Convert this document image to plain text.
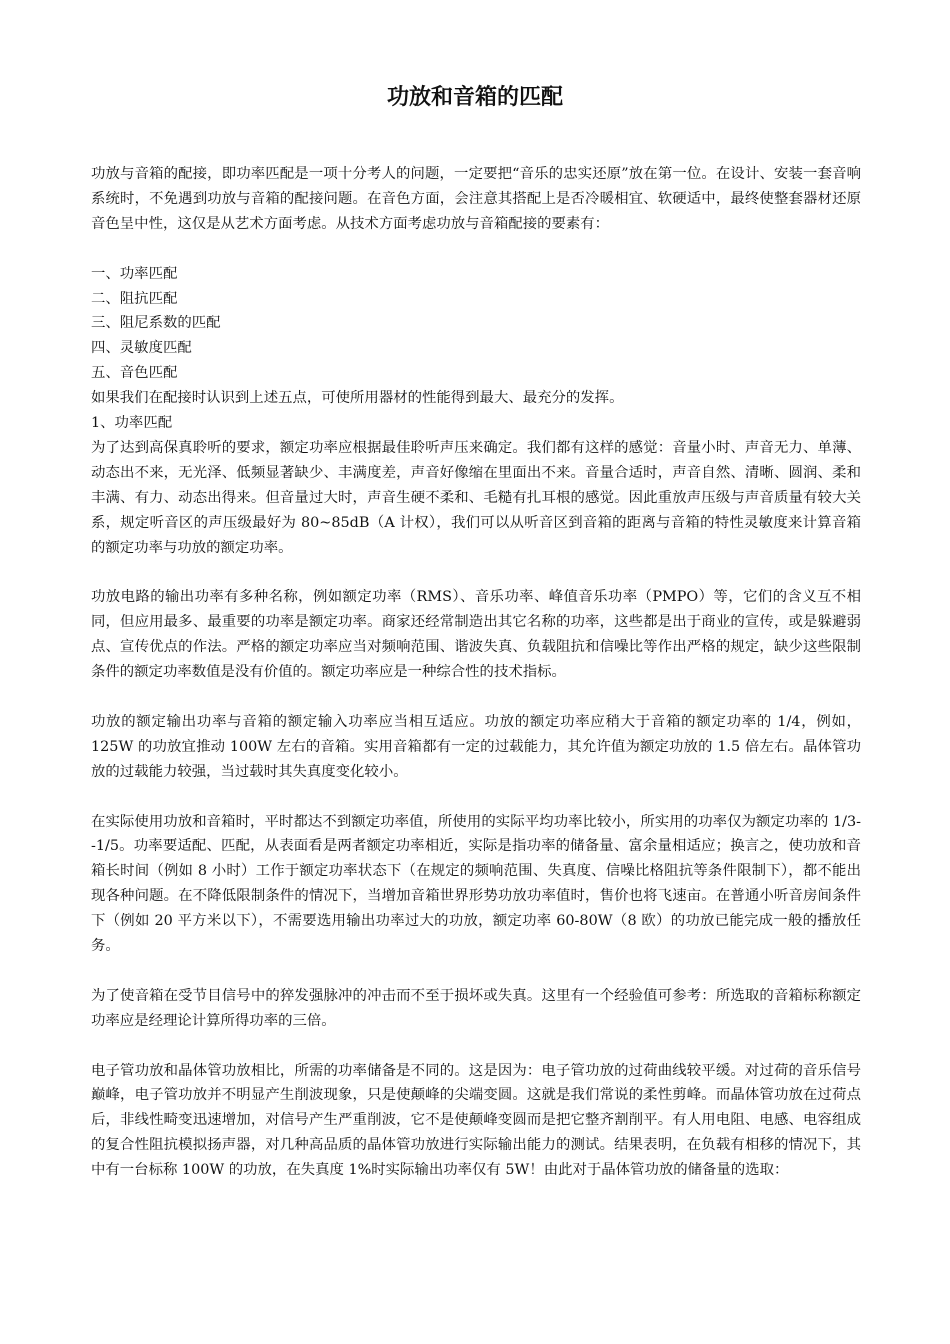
功放和音箱的匹配

功放与音箱的配接，即功率匹配是一项十分考人的问题，一定要把“音乐的忠实还原”放在第一位。在设计、安装一套音响系统时，不免遇到功放与音箱的配接问题。在音色方面，会注意其搭配上是否冷暖相宜、软硬适中，最终使整套器材还原音色呈中性，这仅是从艺术方面考虑。从技术方面考虑功放与音箱配接的要素有：

一、功率匹配

二、阻抗匹配

三、阻尼系数的匹配

四、灵敏度匹配

五、音色匹配

如果我们在配接时认识到上述五点，可使所用器材的性能得到最大、最充分的发挥。

1、功率匹配

为了达到高保真聆听的要求，额定功率应根据最佳聆听声压来确定。我们都有这样的感觉：音量小时、声音无力、单薄、动态出不来，无光泽、低频显著缺少、丰满度差，声音好像缩在里面出不来。音量合适时，声音自然、清晰、圆润、柔和丰满、有力、动态出得来。但音量过大时，声音生硬不柔和、毛糙有扎耳根的感觉。因此重放声压级与声音质量有较大关系，规定听音区的声压级最好为 80~85dB（A 计权），我们可以从听音区到音箱的距离与音箱的特性灵敏度来计算音箱的额定功率与功放的额定功率。

功放电路的输出功率有多种名称，例如额定功率（RMS）、音乐功率、峰值音乐功率（PMPO）等，它们的含义互不相同，但应用最多、最重要的功率是额定功率。商家还经常制造出其它名称的功率，这些都是出于商业的宣传，或是躲避弱点、宣传优点的作法。严格的额定功率应当对频响范围、谐波失真、负载阻抗和信噪比等作出严格的规定，缺少这些限制条件的额定功率数值是没有价值的。额定功率应是一种综合性的技术指标。

功放的额定输出功率与音箱的额定输入功率应当相互适应。功放的额定功率应稍大于音箱的额定功率的 1/4，例如，125W 的功放宜推动 100W 左右的音箱。实用音箱都有一定的过载能力，其允许值为额定功放的 1.5 倍左右。晶体管功放的过载能力较强，当过载时其失真度变化较小。

在实际使用功放和音箱时，平时都达不到额定功率值，所使用的实际平均功率比较小，所实用的功率仅为额定功率的 1/3--1/5。功率要适配、匹配，从表面看是两者额定功率相近，实际是指功率的储备量、富余量相适应；换言之，使功放和音箱长时间（例如 8 小时）工作于额定功率状态下（在规定的频响范围、失真度、信噪比格阻抗等条件限制下），都不能出现各种问题。在不降低限制条件的情况下，当增加音箱世界形势功放功率值时，售价也将飞速亩。在普通小听音房间条件下（例如 20 平方米以下），不需要选用输出功率过大的功放，额定功率 60-80W（8 欧）的功放已能完成一般的播放任务。

为了使音箱在受节目信号中的猝发强脉冲的冲击而不至于损坏或失真。这里有一个经验值可参考：所选取的音箱标称额定功率应是经理论计算所得功率的三倍。

电子管功放和晶体管功放相比，所需的功率储备是不同的。这是因为：电子管功放的过荷曲线较平缓。对过荷的音乐信号巅峰，电子管功放并不明显产生削波现象，只是使颠峰的尖端变圆。这就是我们常说的柔性剪峰。而晶体管功放在过荷点后，非线性畸变迅速增加，对信号产生严重削波，它不是使颠峰变圆而是把它整齐割削平。有人用电阻、电感、电容组成的复合性阻抗模拟扬声器，对几种高品质的晶体管功放进行实际输出能力的测试。结果表明，在负载有相移的情况下，其中有一台标称 100W 的功放，在失真度 1%时实际输出功率仅有 5W！由此对于晶体管功放的储备量的选取：
